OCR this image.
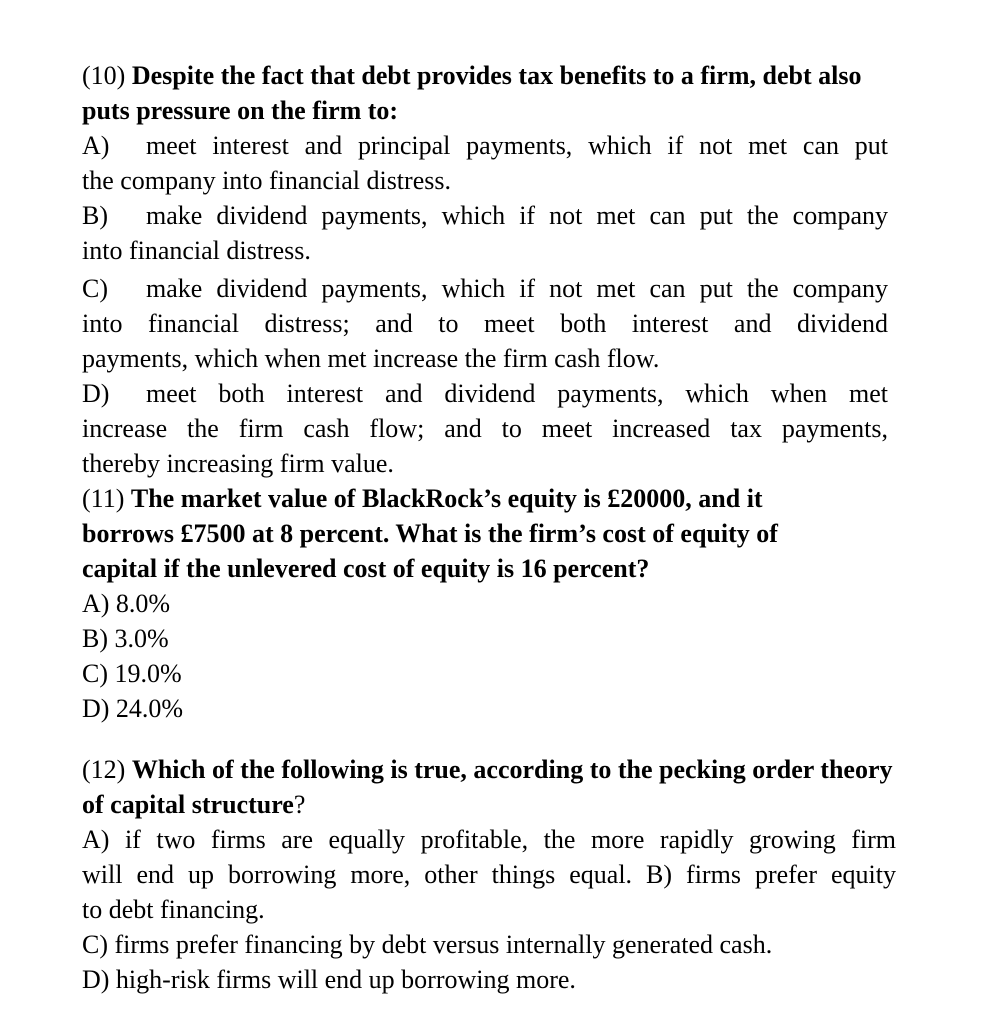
(10) Despite the fact that debt provides tax benefits to a firm, debt also
puts pressure on the firm to:
A) meet interest and principal payments, which if not met can put
the company into financial distress.
B) make dividend payments, which if not met can put the company
into financial distress.
C) make dividend payments, which if not met can put the company
into financial distress; and to meet both interest and dividend
payments, which when met increase the firm cash flow.
D) meet both interest and dividend payments, which when met
increase the firm cash flow; and to meet increased tax payments,
thereby increasing firm value.
(11) The market value of BlackRock’s equity is £20000, and it
borrows £7500 at 8 percent. What is the firm’s cost of equity of
capital if the unlevered cost of equity is 16 percent?
A) 8.0%
B) 3.0%
C) 19.0%
D) 24.0%
(12) Which of the following is true, according to the pecking order theory
of capital structure?
A) if two firms are equally profitable, the more rapidly growing firm
will end up borrowing more, other things equal. B) firms prefer equity
to debt financing.
C) firms prefer financing by debt versus internally generated cash.
D) high-risk firms will end up borrowing more.
